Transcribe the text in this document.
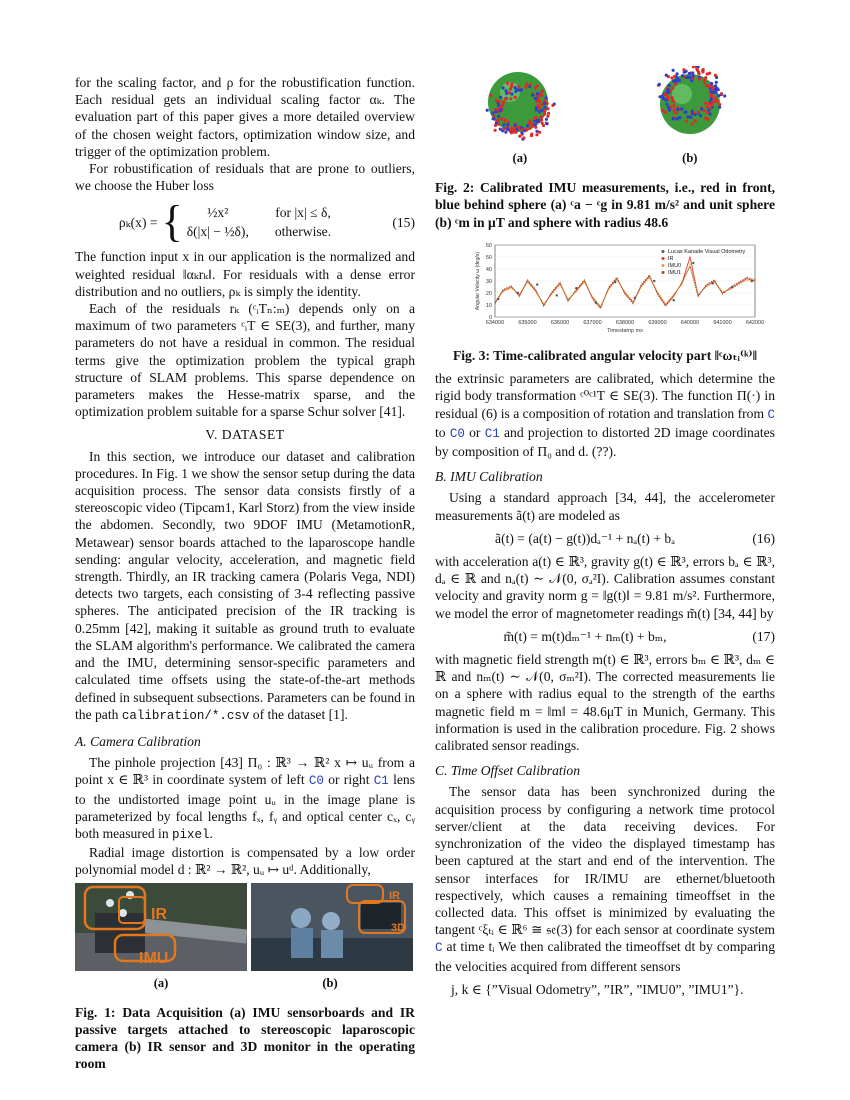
for the scaling factor, and ρ for the robustification function. Each residual gets an individual scaling factor αₖ. The evaluation part of this paper gives a more detailed overview of the chosen weight factors, optimization window size, and trigger of the optimization problem.

For robustification of residuals that are prone to outliers, we choose the Huber loss

ρₖ(x) = {	½x²	for |x| ≤ δ,
δ(|x| − ½δ), otherwise.
(15)

The function input x in our application is the normalized and weighted residual ‖αₖrₖ‖. For residuals with a dense error distribution and no outliers, ρₖ is simply the identity.

Each of the residuals rₖ (ᶜᵢTₙ:ₘ) depends only on a maximum of two parameters ᶜᵢT ∈ SE(3), and further, many parameters do not have a residual in common. The residual terms give the optimization problem the typical graph structure of SLAM problems. This sparse dependence on parameters makes the Hesse-matrix sparse, and the optimization problem suitable for a sparse Schur solver [41].

V. DATASET

In this section, we introduce our dataset and calibration procedures. In Fig. 1 we show the sensor setup during the data acquisition process. The sensor data consists firstly of a stereoscopic video (Tipcam1, Karl Storz) from the view inside the abdomen. Secondly, two 9DOF IMU (MetamotionR, Metawear) sensor boards attached to the laparoscope handle sending: angular velocity, acceleration, and magnetic field strength. Thirdly, an IR tracking camera (Polaris Vega, NDI) detects two targets, each consisting of 3-4 reflecting passive spheres. The anticipated precision of the IR tracking is 0.25mm [42], making it suitable as ground truth to evaluate the SLAM algorithm's performance. We calibrated the camera and the IMU, determining sensor-specific parameters and calculated time offsets using the state-of-the-art methods defined in subsequent subsections. Parameters can be found in the path calibration/*.csv of the dataset [1].

A. Camera Calibration

The pinhole projection [43] Π₀ : ℝ³ → ℝ² x ↦ uᵤ from a point x ∈ ℝ³ in coordinate system of left C0 or right C1 lens to the undistorted image point uᵤ in the image plane is parameterized by focal lengths fₓ, fᵧ and optical center cₓ, cᵧ both measured in pixel.

Radial image distortion is compensated by a low order polynomial model d : ℝ² → ℝ², uᵤ ↦ uᵈ. Additionally,

IR
IMU
IR
3D
(a)	(b)

Fig. 1: Data Acquisition (a) IMU sensorboards and IR passive targets attached to stereoscopic laparoscopic camera (b) IR sensor and 3D monitor in the operating room

(a)	(b)

Fig. 2: Calibrated IMU measurements, i.e., red in front, blue behind sphere (a) ᶜa − ᶜg in 9.81 m/s² and unit sphere (b) ᶜm in μT and sphere with radius 48.6

0
10
20
30
40
50
60
634000	635000	636000	637000	638000	639000	640000	641000	642000
Timestamp ms
Angular Velocity ω (deg/s)	Lucas Kanade Visual Odometry
IR
IMU0
IMU1

Fig. 3: Time-calibrated angular velocity part ‖ᶜωₜᵢ⁽ᵏ⁾‖

the extrinsic parameters are calibrated, which determine the rigid body transformation ᶜ⁰ᶜ¹T ∈ SE(3). The function Π(·) in residual (6) is a composition of rotation and translation from C to C0 or C1 and projection to distorted 2D image coordinates by composition of Π₀ and d. (??).

B. IMU Calibration

Using a standard approach [34, 44], the accelerometer measurements ã(t) are modeled as

ã(t) = (a(t) − g(t))dₐ⁻¹ + nₐ(t) + bₐ	(16)

with acceleration a(t) ∈ ℝ³, gravity g(t) ∈ ℝ³, errors bₐ ∈ ℝ³, dₐ ∈ ℝ and nₐ(t) ∼ 𝒩(0, σₐ²I). Calibration assumes constant velocity and gravity norm g = ‖g(t)‖ = 9.81 m/s². Furthermore, we model the error of magnetometer readings m̃(t) [34, 44] by

m̃(t) = m(t)dₘ⁻¹ + nₘ(t) + bₘ,	(17)

with magnetic field strength m(t) ∈ ℝ³, errors bₘ ∈ ℝ³, dₘ ∈ ℝ and nₘ(t) ∼ 𝒩(0, σₘ²I). The corrected measurements lie on a sphere with radius equal to the strength of the earths magnetic field m = ‖m‖ = 48.6μT in Munich, Germany. This information is used in the calibration procedure. Fig. 2 shows calibrated sensor readings.

C. Time Offset Calibration

The sensor data has been synchronized during the acquisition process by configuring a network time protocol server/client at the data receiving devices. For synchronization of the video the displayed timestamp has been captured at the start and end of the intervention. The sensor interfaces for IR/IMU are ethernet/bluetooth respectively, which causes a remaining timeoffset in the collected data. This offset is minimized by evaluating the tangent ᶜξₜᵢ ∈ ℝ⁶ ≅ 𝔰𝔢(3) for each sensor at coordinate system C at time tᵢ We then calibrated the timeoffset dt by comparing the velocities acquired from different sensors

j, k ∈ {”Visual Odometry”, ”IR”, ”IMU0”, ”IMU1”}.
